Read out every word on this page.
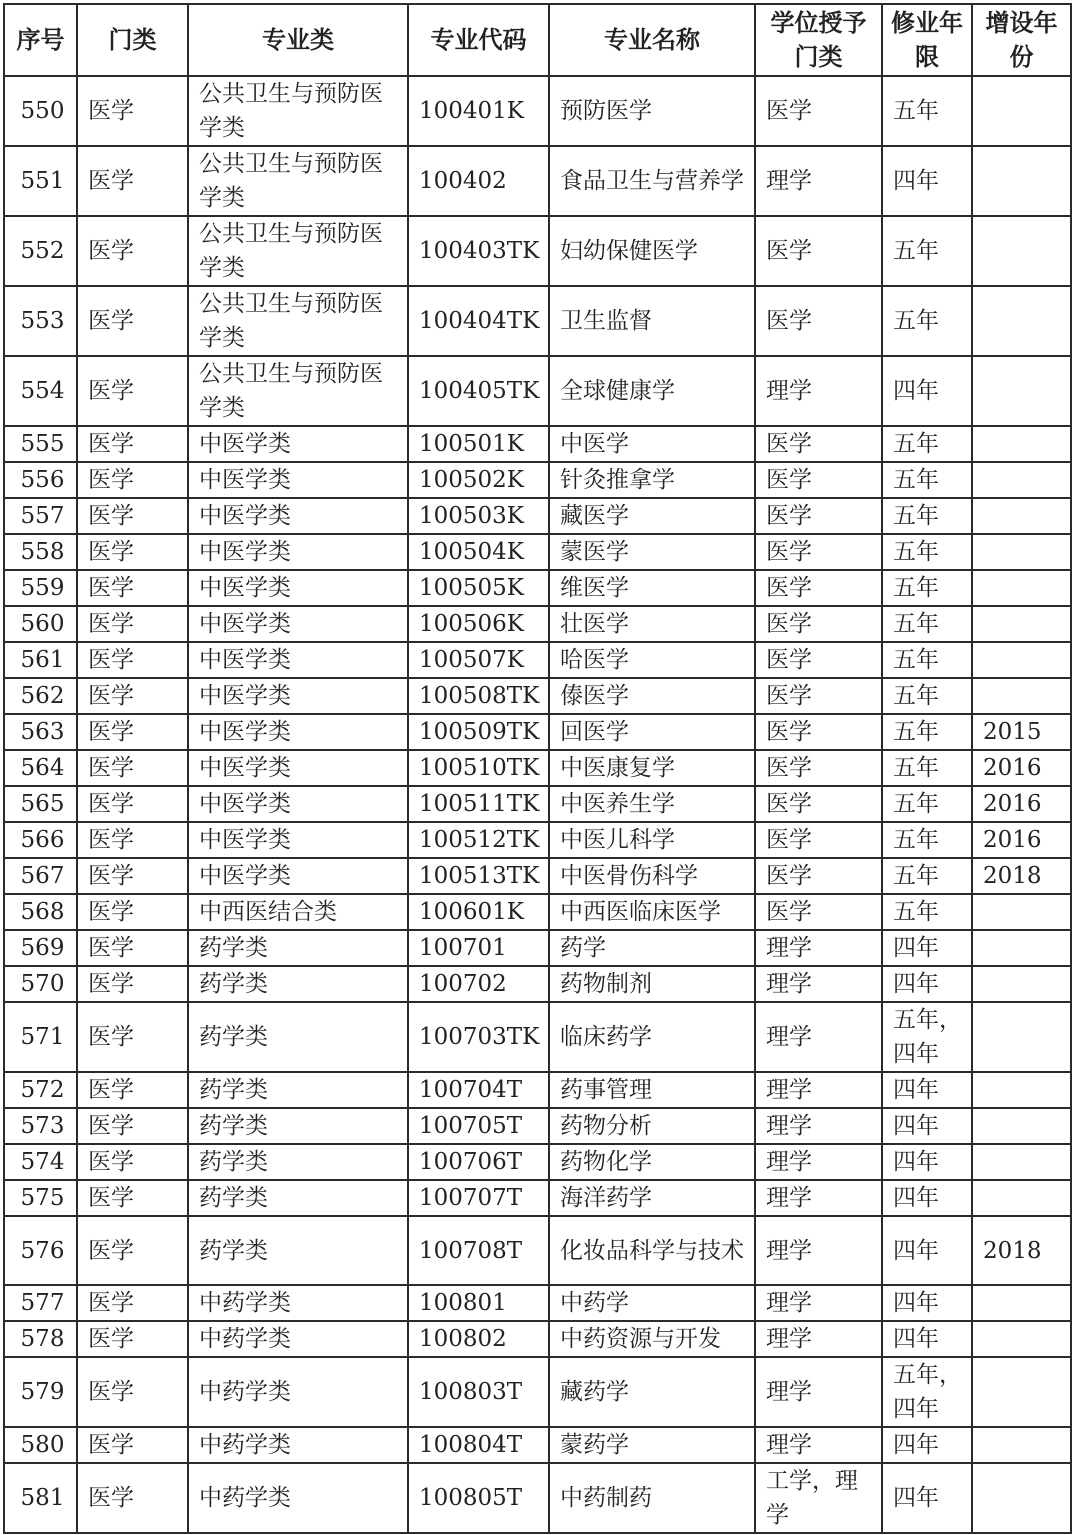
序号	门类	专业类	专业代码	专业名称	学位授予门类	修业年限	增设年份
550	医学	公共卫生与预防医学类	100401K	预防医学	医学	五年	
551	医学	公共卫生与预防医学类	100402	食品卫生与营养学	理学	四年	
552	医学	公共卫生与预防医学类	100403TK	妇幼保健医学	医学	五年	
553	医学	公共卫生与预防医学类	100404TK	卫生监督	医学	五年	
554	医学	公共卫生与预防医学类	100405TK	全球健康学	理学	四年	
555	医学	中医学类	100501K	中医学	医学	五年	
556	医学	中医学类	100502K	针灸推拿学	医学	五年	
557	医学	中医学类	100503K	藏医学	医学	五年	
558	医学	中医学类	100504K	蒙医学	医学	五年	
559	医学	中医学类	100505K	维医学	医学	五年	
560	医学	中医学类	100506K	壮医学	医学	五年	
561	医学	中医学类	100507K	哈医学	医学	五年	
562	医学	中医学类	100508TK	傣医学	医学	五年	
563	医学	中医学类	100509TK	回医学	医学	五年	2015
564	医学	中医学类	100510TK	中医康复学	医学	五年	2016
565	医学	中医学类	100511TK	中医养生学	医学	五年	2016
566	医学	中医学类	100512TK	中医儿科学	医学	五年	2016
567	医学	中医学类	100513TK	中医骨伤科学	医学	五年	2018
568	医学	中西医结合类	100601K	中西医临床医学	医学	五年	
569	医学	药学类	100701	药学	理学	四年	
570	医学	药学类	100702	药物制剂	理学	四年	
571	医学	药学类	100703TK	临床药学	理学	五年，四年	
572	医学	药学类	100704T	药事管理	理学	四年	
573	医学	药学类	100705T	药物分析	理学	四年	
574	医学	药学类	100706T	药物化学	理学	四年	
575	医学	药学类	100707T	海洋药学	理学	四年	
576	医学	药学类	100708T	化妆品科学与技术	理学	四年	2018
577	医学	中药学类	100801	中药学	理学	四年	
578	医学	中药学类	100802	中药资源与开发	理学	四年	
579	医学	中药学类	100803T	藏药学	理学	五年，四年	
580	医学	中药学类	100804T	蒙药学	理学	四年	
581	医学	中药学类	100805T	中药制药	工学，理学	四年	
